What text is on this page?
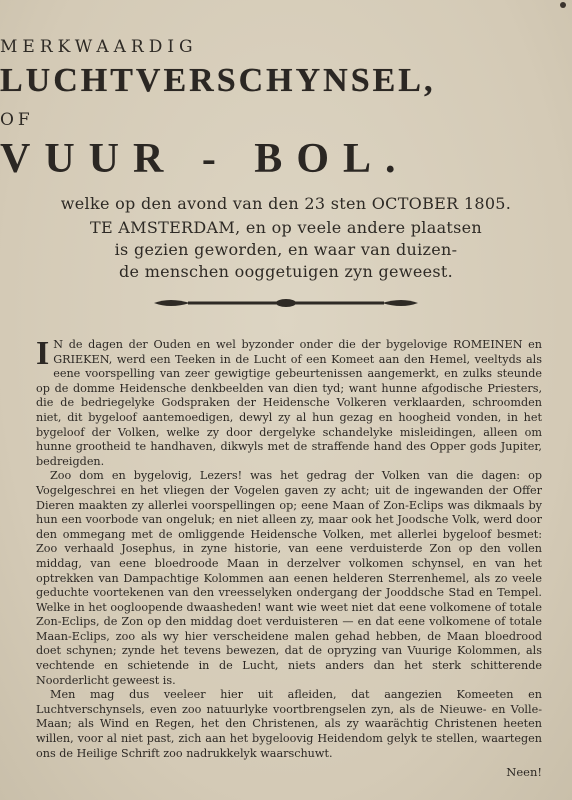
MERKWAARDIG
LUCHTVERSCHYNSEL,
OF
VUUR - BOL.
welke op den avond van den 23 sten OCTOBER 1805.
TE AMSTERDAM, en op veele andere plaatsen
is gezien geworden, en waar van duizen-
de menschen ooggetuigen zyn geweest.

I N de dagen der Ouden en wel byzonder onder die der bygelovige ROMEINEN en GRIEKEN, werd een Teeken in de Lucht of een Komeet aan den Hemel, veeltyds als eene voorspelling van zeer gewigtige gebeurtenissen aangemerkt, en zulks steunde op de domme Heidensche denkbeelden van dien tyd; want hunne afgodische Priesters, die de bedriegelyke Godspraken der Heidensche Volkeren verklaarden, schroomden niet, dit bygeloof aantemoedigen, dewyl zy al hun gezag en hoogheid vonden, in het bygeloof der Volken, welke zy door dergelyke schandelyke misleidingen, alleen om hunne grootheid te handhaven, dikwyls met de straffende hand des Opper gods Jupiter, bedreigden.

Zoo dom en bygelovig, Lezers! was het gedrag der Volken van die dagen: op Vogelgeschrei en het vliegen der Vogelen gaven zy acht; uit de ingewanden der Offer Dieren maakten zy allerlei voorspellingen op; eene Maan of Zon-Eclips was dikmaals by hun een voorbode van ongeluk; en niet alleen zy, maar ook het Joodsche Volk, werd door den ommegang met de omliggende Heidensche Volken, met allerlei bygeloof besmet: Zoo verhaald Josephus, in zyne historie, van eene verduisterde Zon op den vollen middag, van eene bloedroode Maan in derzelver volkomen schynsel, en van het optrekken van Dampachtige Kolommen aan eenen helderen Sterrenhemel, als zo veele geduchte voortekenen van den vreesselyken ondergang der Jooddsche Stad en Tempel. Welke in het oogloopende dwaasheden! want wie weet niet dat eene volkomene of totale Zon-Eclips, de Zon op den middag doet verduisteren — en dat eene volkomene of totale Maan-Eclips, zoo als wy hier verscheidene malen gehad hebben, de Maan bloedrood doet schynen; zynde het tevens bewezen, dat de opryzing van Vuurige Kolommen, als vechtende en schietende in de Lucht, niets anders dan het sterk schitterende Noorderlicht geweest is.

Men mag dus veeleer hier uit afleiden, dat aangezien Komeeten en Luchtverschynsels, even zoo natuurlyke voortbrengselen zyn, als de Nieuwe- en Volle-Maan; als Wind en Regen, het den Christenen, als zy waarächtig Christenen heeten willen, voor al niet past, zich aan het bygeloovig Heidendom gelyk te stellen, waartegen ons de Heilige Schrift zoo nadrukkelyk waarschuwt.

Neen!
